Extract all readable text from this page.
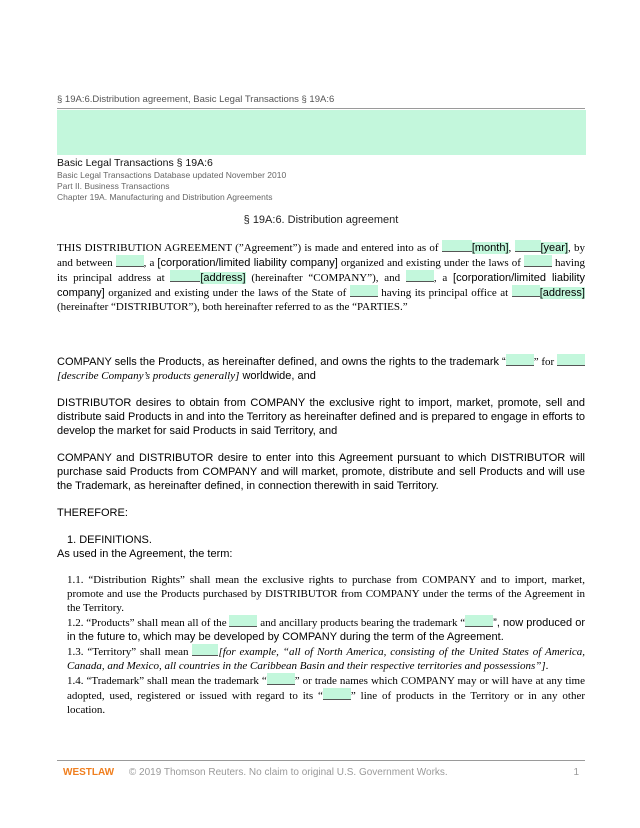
§ 19A:6.Distribution agreement, Basic Legal Transactions § 19A:6
Basic Legal Transactions § 19A:6
Basic Legal Transactions Database updated November 2010
Part II. Business Transactions
Chapter 19A. Manufacturing and Distribution Agreements
§ 19A:6. Distribution agreement

THIS DISTRIBUTION AGREEMENT (”Agreement”) is made and entered into as of	[month], [year], by and between	, a [corporation/limited liability company] organized and existing under the laws of	having its principal address at	[address] (hereinafter “COMPANY”), and	, a [corporation/limited liability company] organized and existing under the laws of the State of	having its principal office at	[address] (hereinafter “DISTRIBUTOR”), both hereinafter referred to as the “PARTIES.”

COMPANY sells the Products, as hereinafter defined, and owns the rights to the trademark “	” for [describe Company’s products generally] worldwide, and

DISTRIBUTOR desires to obtain from COMPANY the exclusive right to import, market, promote, sell and distribute said Products in and into the Territory as hereinafter defined and is prepared to engage in efforts to develop the market for said Products in said Territory, and

COMPANY and DISTRIBUTOR desire to enter into this Agreement pursuant to which DISTRIBUTOR will purchase said Products from COMPANY and will market, promote, distribute and sell Products and will use the Trademark, as hereinafter defined, in connection therewith in said Territory.

THEREFORE:

1. DEFINITIONS.

As used in the Agreement, the term:

1.1. “Distribution Rights” shall mean the exclusive rights to purchase from COMPANY and to import, market, promote and use the Products purchased by DISTRIBUTOR from COMPANY under the terms of the Agreement in the Territory.

1.2. “Products” shall mean all of the	and ancillary products bearing the trademark “	”, now produced or in the future to, which may be developed by COMPANY during the term of the Agreement.

1.3. “Territory” shall mean [for example, “all of North America, consisting of the United States of America, Canada, and Mexico, all countries in the Caribbean Basin and their respective territories and possessions”].

1.4. “Trademark” shall mean the trademark “	” or trade names which COMPANY may or will have at any time adopted, used, registered or issued with regard to its “	” line of products in the Territory or in any other location.

WESTLAW © 2019 Thomson Reuters. No claim to original U.S. Government Works.	1
